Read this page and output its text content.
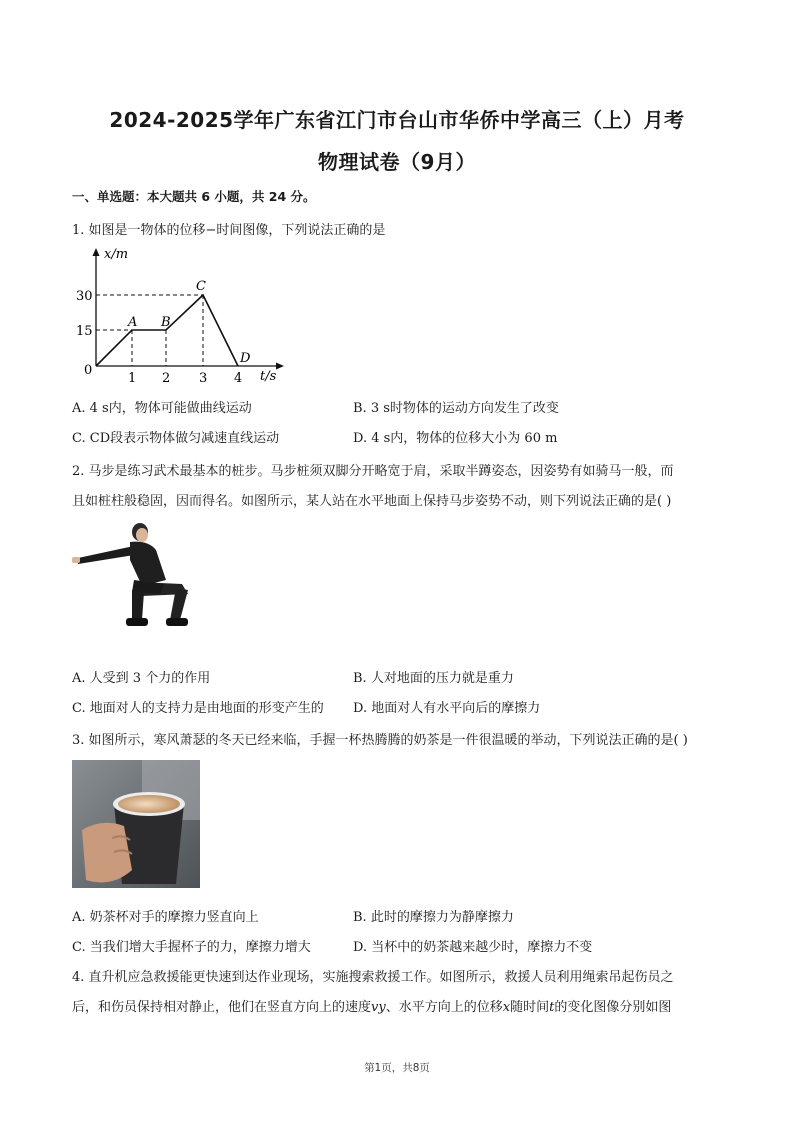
2024-2025学年广东省江门市台山市华侨中学高三（上）月考
物理试卷（9月）
一、单选题：本大题共 6 小题，共 24 分。
1. 如图是一物体的位移−时间图像，下列说法正确的是
x/m
t/s
0
30
15
1 2 3 4
A B
C
D
A. 4 s内，物体可能做曲线运动	B. 3 s时物体的运动方向发生了改变
C. CD段表示物体做匀减速直线运动	D. 4 s内，物体的位移大小为 60 m
2. 马步是练习武术最基本的桩步。马步桩须双脚分开略宽于肩，采取半蹲姿态，因姿势有如骑马一般，而
且如桩柱般稳固，因而得名。如图所示，某人站在水平地面上保持马步姿势不动，则下列说法正确的是( )
A. 人受到 3 个力的作用	B. 人对地面的压力就是重力
C. 地面对人的支持力是由地面的形变产生的 D. 地面对人有水平向后的摩擦力
3. 如图所示，寒风萧瑟的冬天已经来临，手握一杯热腾腾的奶茶是一件很温暖的举动，下列说法正确的是( )
A. 奶茶杯对手的摩擦力竖直向上	B. 此时的摩擦力为静摩擦力
C. 当我们增大手握杯子的力，摩擦力增大	D. 当杯中的奶茶越来越少时，摩擦力不变
4. 直升机应急救援能更快速到达作业现场，实施搜索救援工作。如图所示，救援人员利用绳索吊起伤员之
后，和伤员保持相对静止，他们在竖直方向上的速度vy、水平方向上的位移x随时间t的变化图像分别如图
第1页，共8页
